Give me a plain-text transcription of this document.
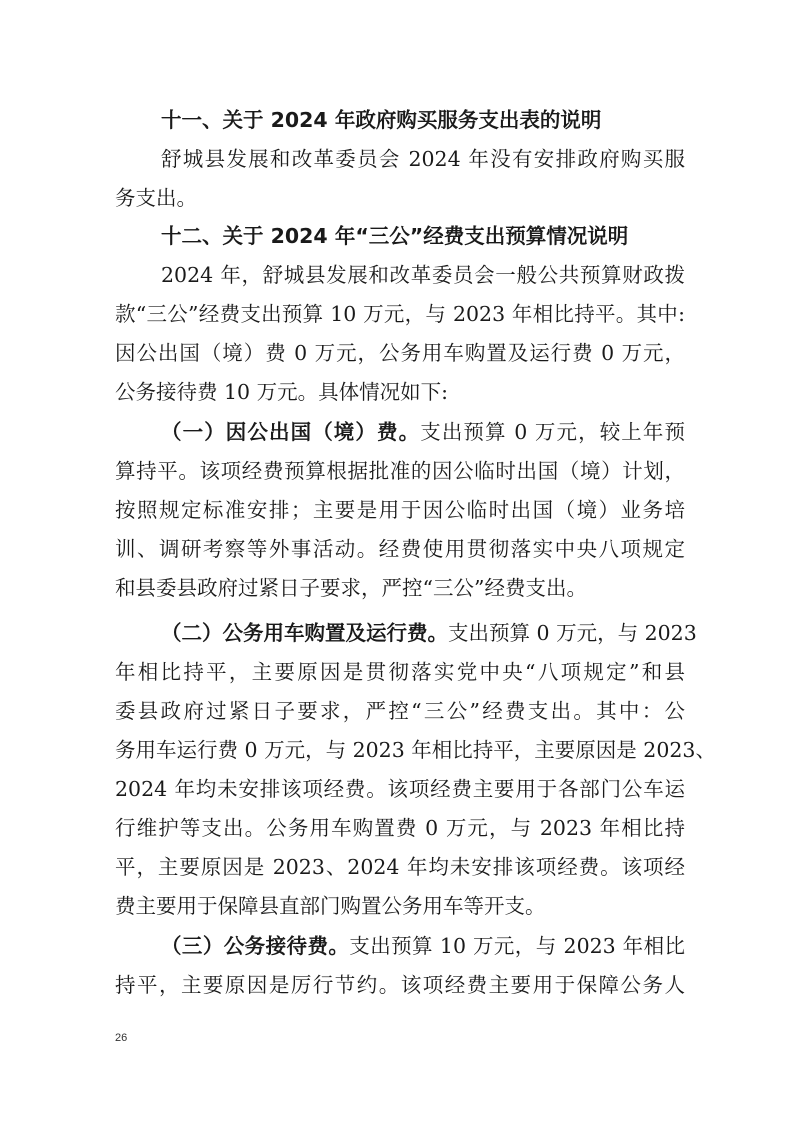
十一、关于 2024 年政府购买服务支出表的说明
舒城县发展和改革委员会 2024 年没有安排政府购买服
务支出。
十二、关于 2024 年“三公”经费支出预算情况说明
2024 年，舒城县发展和改革委员会一般公共预算财政拨
款“三公”经费支出预算 10 万元，与 2023 年相比持平。其中:
因公出国（境）费 0 万元，公务用车购置及运行费 0 万元，
公务接待费 10 万元。具体情况如下:
（一）因公出国（境）费。支出预算 0 万元，较上年预
算持平。该项经费预算根据批准的因公临时出国（境）计划，
按照规定标准安排；主要是用于因公临时出国（境）业务培
训、调研考察等外事活动。经费使用贯彻落实中央八项规定
和县委县政府过紧日子要求，严控“三公”经费支出。
（二）公务用车购置及运行费。支出预算 0 万元，与 2023
年相比持平，主要原因是贯彻落实党中央“八项规定”和县
委县政府过紧日子要求，严控“三公”经费支出。其中：公
务用车运行费 0 万元，与 2023 年相比持平，主要原因是 2023、
2024 年均未安排该项经费。该项经费主要用于各部门公车运
行维护等支出。公务用车购置费 0 万元，与 2023 年相比持
平，主要原因是 2023、2024 年均未安排该项经费。该项经
费主要用于保障县直部门购置公务用车等开支。
（三）公务接待费。支出预算 10 万元，与 2023 年相比
持平，主要原因是厉行节约。该项经费主要用于保障公务人
26
